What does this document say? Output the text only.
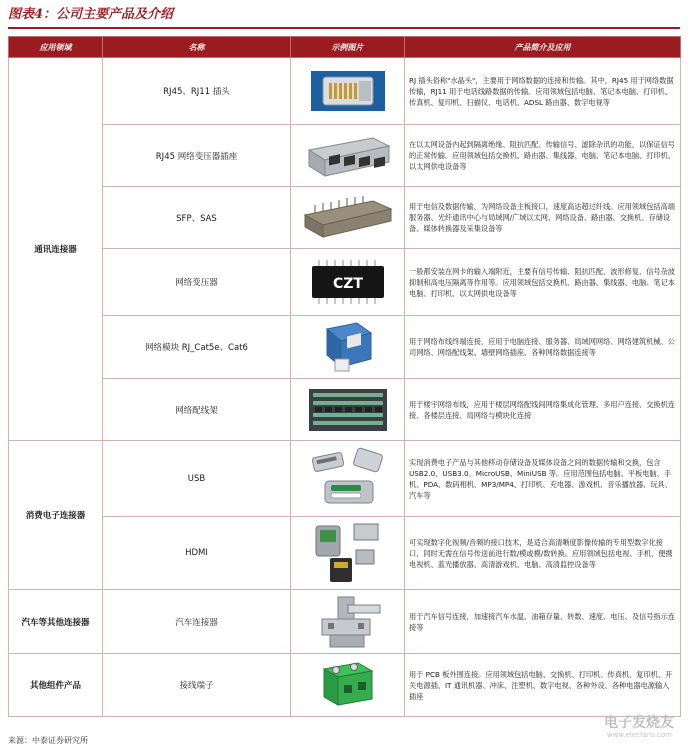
图表4：公司主要产品及介绍
应用领域	名称	示例图片	产品简介及应用
通讯连接器	RJ45、RJ11 插头		RJ 插头俗称"水晶头"，主要用于网络数据的连接和传输。其中，RJ45 用于网络数据传输，RJ11 用于电话线路数据的传输。应用领域包括电脑、笔记本电脑、打印机、传真机、复印机、扫描仪、电话机、ADSL 路由器、数字电视等
	RJ45 网络变压器插座		在以太网设备内起到隔离绝缘、阻抗匹配、传输信号、滤除杂讯的功能，以保证信号的正常传输。应用领域包括交换机、路由器、集线器、电脑、笔记本电脑、打印机、以太网供电设备等
	SFP、SAS		用于电信及数据传输，为网络设备主板接口，速度高达超过纤线。应用领域包括高端服务器、光纤通讯中心与局域网/广域以太网、网络设备、路由器、交换机、存储设备、媒体转换器及采集设备等
	网络变压器	CZT	一般都安装在网卡的输入端附近，主要有信号传输、阻抗匹配、波形修复、信号杂波抑制和高电压隔离等作用等。应用领域包括交换机、路由器、集线器、电脑、笔记本电脑、打印机、以太网供电设备等
	网络模块 RJ_Cat5e、Cat6		用于网络布线终端连接，应用于电脑连接、服务器、局域网网络、网络建筑机械、公司网络、网络配线架、墙壁网络插座、各种网络数据连接等
	网络配线架		用于楼宇网络布线，应用于楼层网络配线间网络集成化管理、多用户连接、交换机连接、各楼层连接、局网络与模块化连接
消费电子连接器	USB		实现消费电子产品与其他移动存储设备及媒体设备之间的数据传输和交换，包含 USB2.0、USB3.0、MicroUSB、MiniUSB 等。应用范围包括电脑、平板电脑、手机、PDA、数码相机、MP3/MP4、打印机、充电器、游戏机、音乐播放器、玩具、汽车等
	HDMI		可实现数字化视频/音频的接口技术，是适合高清晰度影像传输的专用型数字化接口，同时无需在信号传送前进行数/模或模/数转换。应用领域包括电视、手机、便携电视机、蓝光播放器、高清游戏机、电脑、高清监控设备等
汽车等其他连接器	汽车连接器		用于汽车信号连接，加速接汽车水温、油箱存量、转数、速度、电压、及信号指示连接等
其他组件产品	接线端子		用于 PCB 板外围连接。应用领域包括电脑、交换机、打印机、传真机、复印机、开关电源插、IT 通讯机器、冲床、注塑机、数字电视、各种外设、各种电器电源输入插座
来源：中泰证券研究所
电子发烧友
www.elecfans.com
